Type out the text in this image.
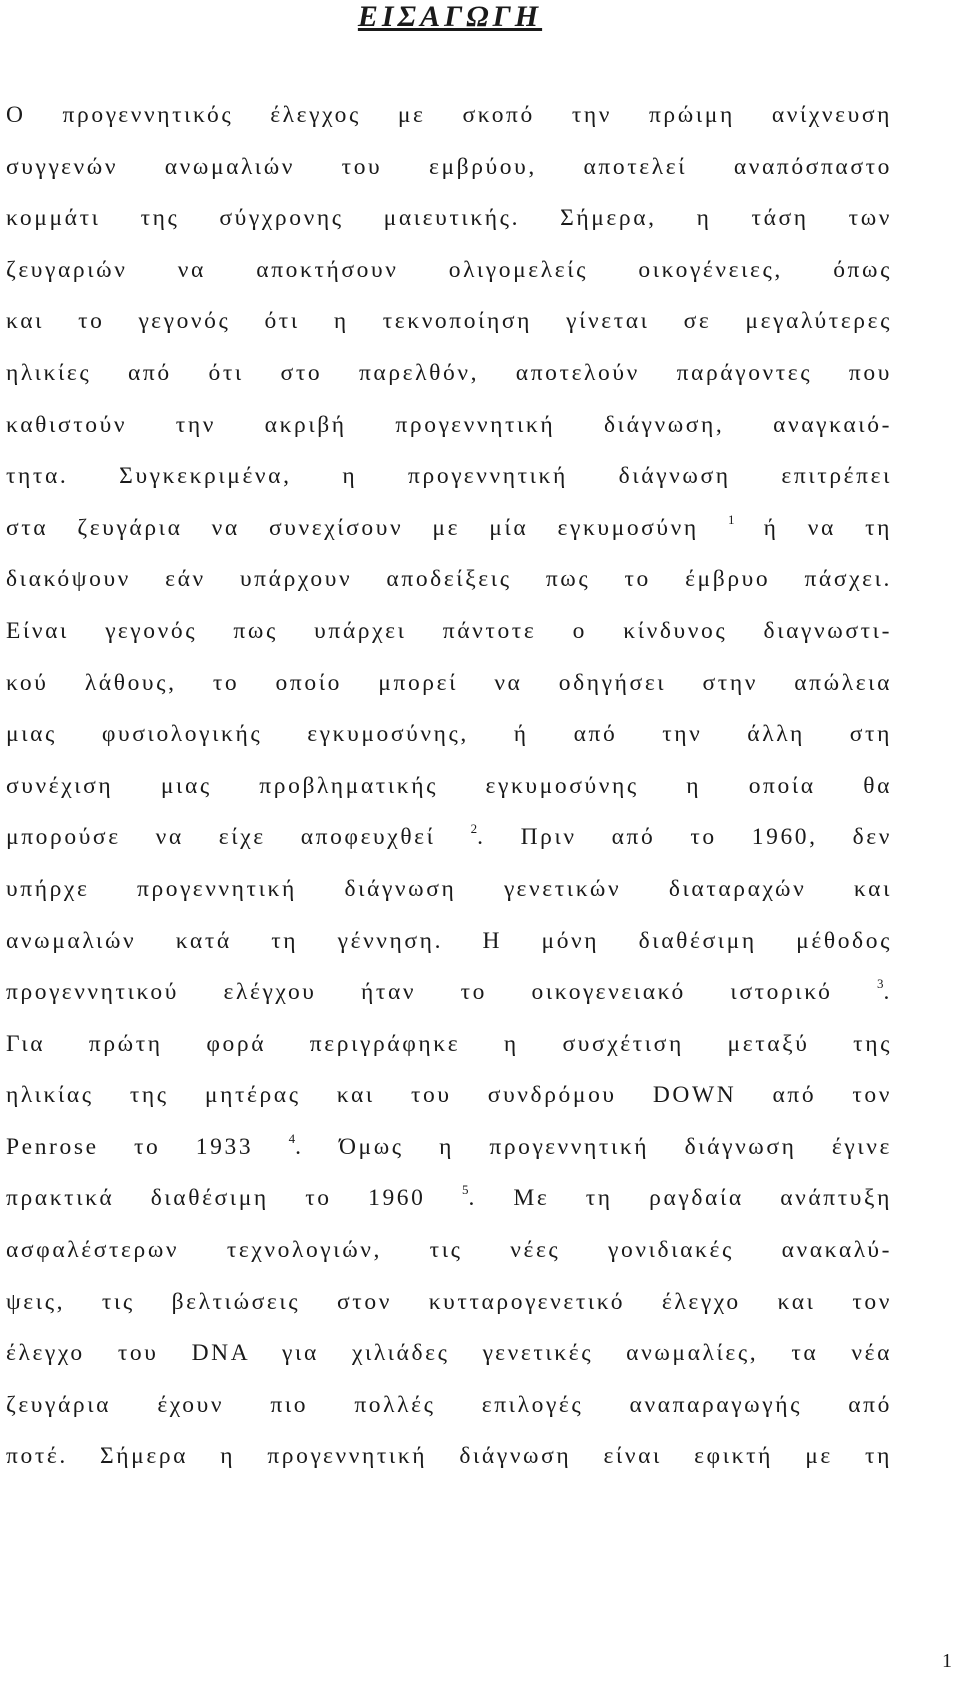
ΕΙΣΑΓΩΓΗ
Ο προγεννητικός έλεγχος με σκοπό την πρώιμη ανίχνευση
συγγενών ανωμαλιών του εμβρύου, αποτελεί αναπόσπαστο
κομμάτι της σύγχρονης μαιευτικής. Σήμερα, η τάση των
ζευγαριών να αποκτήσουν ολιγομελείς οικογένειες, όπως
και το γεγονός ότι η τεκνοποίηση γίνεται σε μεγαλύτερες
ηλικίες από ότι στο παρελθόν, αποτελούν παράγοντες που
καθιστούν την ακριβή προγεννητική διάγνωση, αναγκαιό-
τητα. Συγκεκριμένα, η προγεννητική διάγνωση επιτρέπει
στα ζευγάρια να συνεχίσουν με μία εγκυμοσύνη $^1$ ή να τη
διακόψουν εάν υπάρχουν αποδείξεις πως το έμβρυο πάσχει.
Είναι γεγονός πως υπάρχει πάντοτε ο κίνδυνος διαγνωστι-
κού λάθους, το οποίο μπορεί να οδηγήσει στην απώλεια
μιας φυσιολογικής εγκυμοσύνης, ή από την άλλη στη
συνέχιση μιας προβληματικής εγκυμοσύνης η οποία θα
μπορούσε να είχε αποφευχθεί $^2$. Πριν από το 1960, δεν
υπήρχε προγεννητική διάγνωση γενετικών διαταραχών και
ανωμαλιών κατά τη γέννηση. Η μόνη διαθέσιμη μέθοδος
προγεννητικού ελέγχου ήταν το οικογενειακό ιστορικό $^3$.
Για πρώτη φορά περιγράφηκε η συσχέτιση μεταξύ της
ηλικίας της μητέρας και του συνδρόμου DOWN από τον
Penrose το 1933 $^4$. Όμως η προγεννητική διάγνωση έγινε
πρακτικά διαθέσιμη το 1960 $^5$. Με τη ραγδαία ανάπτυξη
ασφαλέστερων τεχνολογιών, τις νέες γονιδιακές ανακαλύ-
ψεις, τις βελτιώσεις στον κυτταρογενετικό έλεγχο και τον
έλεγχο του DNA για χιλιάδες γενετικές ανωμαλίες, τα νέα
ζευγάρια έχουν πιο πολλές επιλογές αναπαραγωγής από
ποτέ. Σήμερα η προγεννητική διάγνωση είναι εφικτή με τη
1
